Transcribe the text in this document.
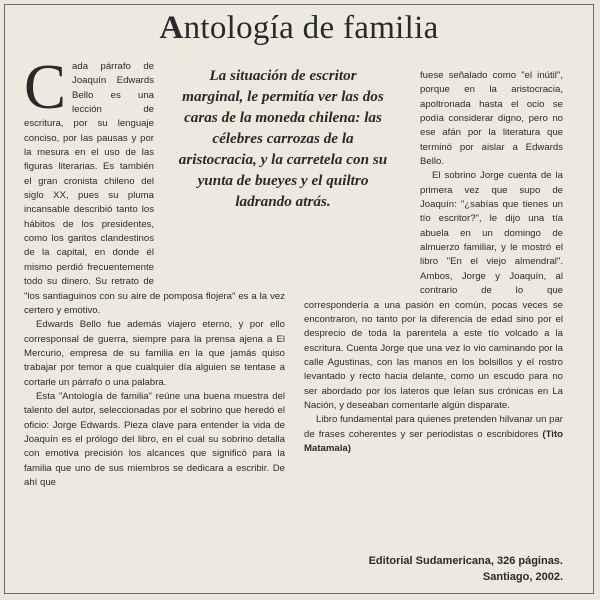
Antología de familia
C ada párrafo de Joaquín Edwards Bello es una lección de escritura, por su lenguaje conciso, por las pausas y por la mesura en el uso de las figuras literarias. Es también el gran cronista chileno del siglo XX, pues su pluma incansable describió tanto los hábitos de los presidentes, como los garitos clandestinos de la capital, en donde él mismo perdió frecuentemente todo su dinero. Su retrato de "los santiaguinos con su aire de pomposa flojera" es a la vez certero y emotivo.

Edwards Bello fue además viajero eterno, y por ello corresponsal de guerra, siempre para la prensa ajena a El Mercurio, empresa de su familia en la que jamás quiso trabajar por temor a que cualquier día alguien se tentase a cortarle un párrafo o una palabra.

Esta "Antología de familia" reúne una buena muestra del talento del autor, seleccionadas por el sobrino que heredó el oficio: Jorge Edwards. Pieza clave para entender la vida de Joaquín es el prólogo del libro, en el cual su sobrino detalla con emotiva precisión los alcances que significó para la familia que uno de sus miembros se dedicara a escribir. De ahí que

fuese señalado como "el inútil", porque en la aristocracia, apoltronada hasta el ocio se podía considerar digno, pero no ese afán por la literatura que terminó por aislar a Edwards Bello.

El sobrino Jorge cuenta de la primera vez que supo de Joaquín: "¿sabías que tienes un tío escritor?", le dijo una tía abuela en un domingo de almuerzo familiar, y le mostró el libro "En el viejo almendral". Ambos, Jorge y Joaquín, al contrario de lo que correspondería a una pasión en común, pocas veces se encontraron, no tanto por la diferencia de edad sino por el desprecio de toda la parentela a este tío volcado a la escritura. Cuenta Jorge que una vez lo vio caminando por la calle Agustinas, con las manos en los bolsillos y el rostro levantado y recto hacia delante, como un escudo para no ser abordado por los lateros que leían sus crónicas en La Nación, y deseaban comentarle algún disparate.

Libro fundamental para quienes pretenden hilvanar un par de frases coherentes y ser periodistas o escribidores (Tito Matamala)

La situación de escritor marginal, le permitía ver las dos caras de la moneda chilena: las célebres carrozas de la aristocracia, y la carretela con su yunta de bueyes y el quiltro ladrando atrás.
Editorial Sudamericana, 326 páginas.
Santiago, 2002.
